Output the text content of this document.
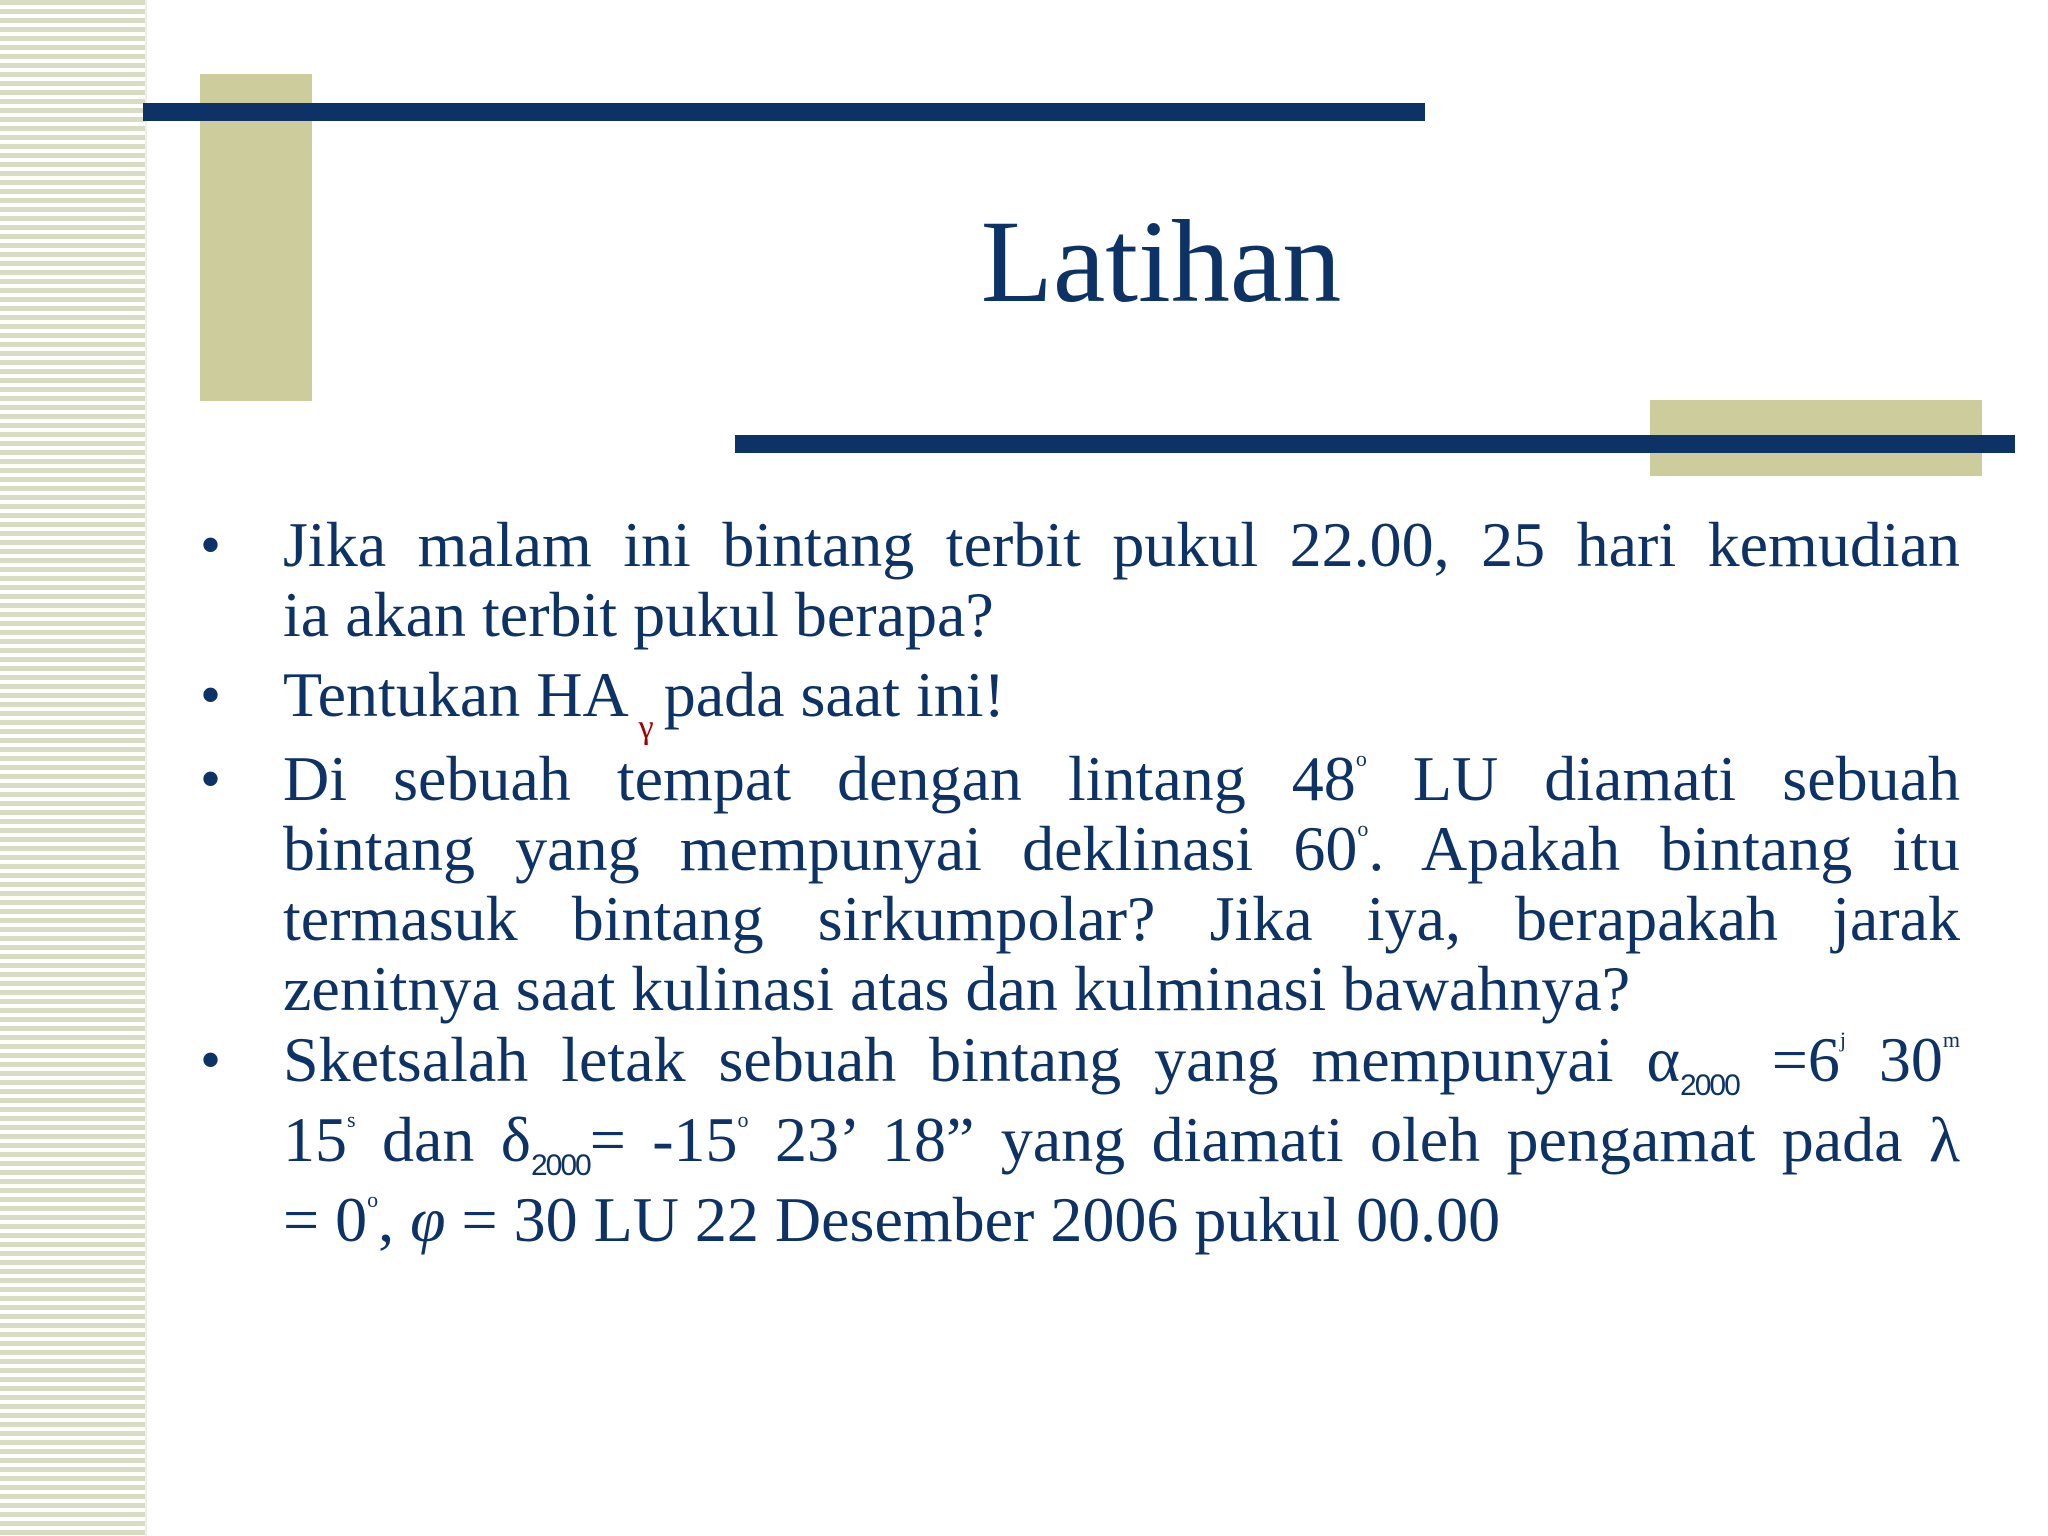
Latihan
• Jika malam ini bintang terbit pukul 22.00, 25 hari kemudian
ia akan terbit pukul berapa?
• Tentukan HA $_\gamma$ pada saat ini!
• Di sebuah tempat dengan lintang 48$^o$ LU diamati sebuah
bintang yang mempunyai deklinasi 60$^o$. Apakah bintang itu
termasuk bintang sirkumpolar? Jika iya, berapakah jarak
zenitnya saat kulinasi atas dan kulminasi bawahnya?
• Sketsalah letak sebuah bintang yang mempunyai $\alpha_{2000} =6^j$ 30$^m$
15$^s$ dan $\delta_{2000}= -15^o$ 23’ 18” yang diamati oleh pengamat pada λ
= $0^o$, φ = 30 LU 22 Desember 2006 pukul 00.00
